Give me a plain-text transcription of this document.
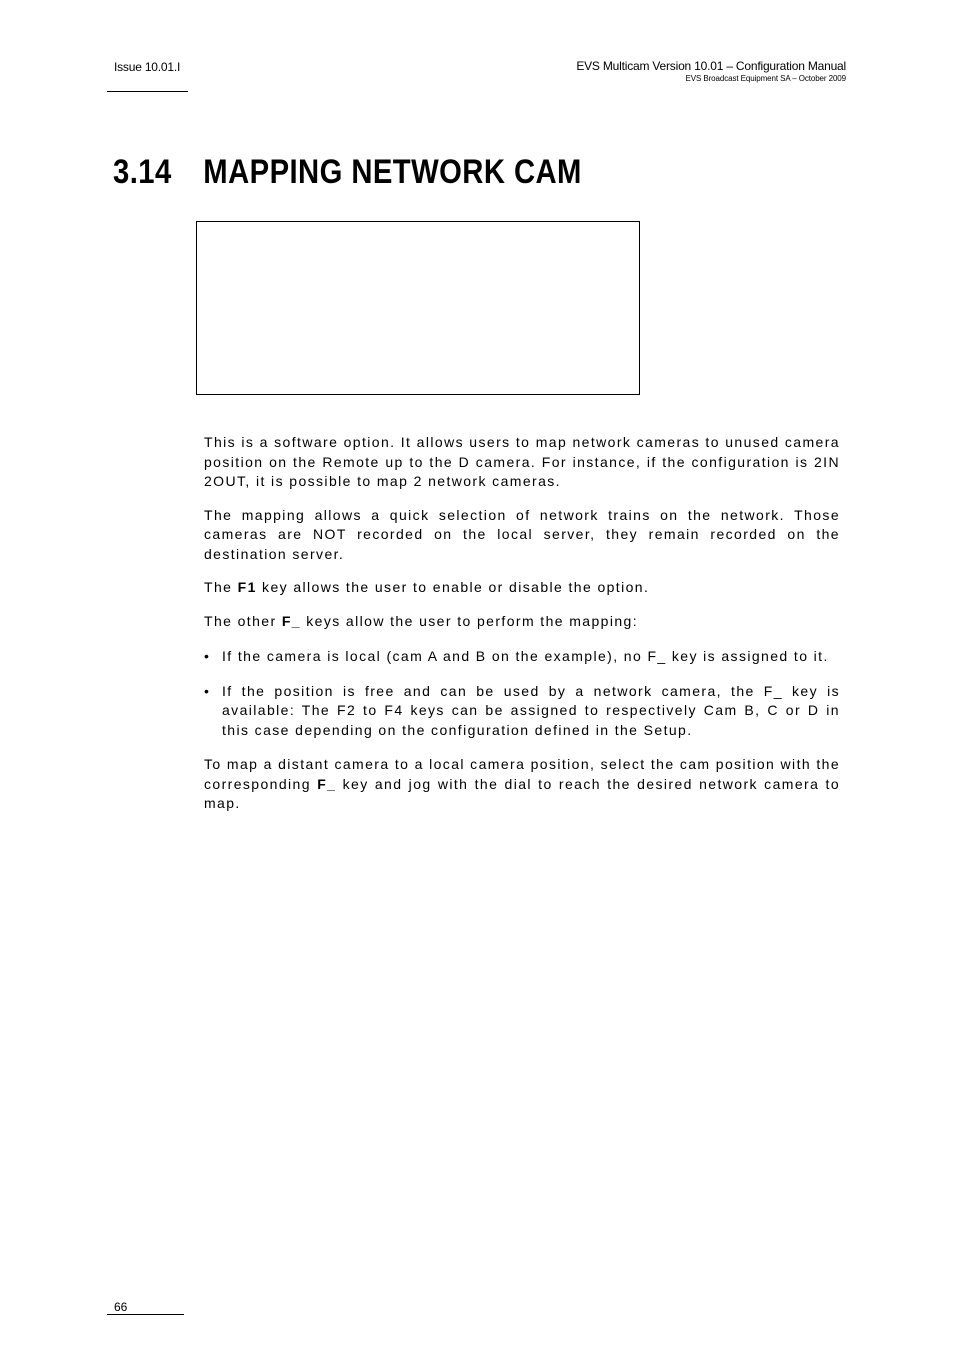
Issue 10.01.I	EVS Multicam Version 10.01 – Configuration Manual
EVS Broadcast Equipment SA – October 2009
3.14 MAPPING NETWORK CAM

This is a software option. It allows users to map network cameras to unused camera position on the Remote up to the D camera. For instance, if the configuration is 2IN 2OUT, it is possible to map 2 network cameras.

The mapping allows a quick selection of network trains on the network. Those cameras are NOT recorded on the local server, they remain recorded on the destination server.

The F1 key allows the user to enable or disable the option.

The other F_ keys allow the user to perform the mapping:

• If the camera is local (cam A and B on the example), no F_ key is assigned to it.
• If the position is free and can be used by a network camera, the F_ key is available: The F2 to F4 keys can be assigned to respectively Cam B, C or D in this case depending on the configuration defined in the Setup.

To map a distant camera to a local camera position, select the cam position with the corresponding F_ key and jog with the dial to reach the desired network camera to map.

66
